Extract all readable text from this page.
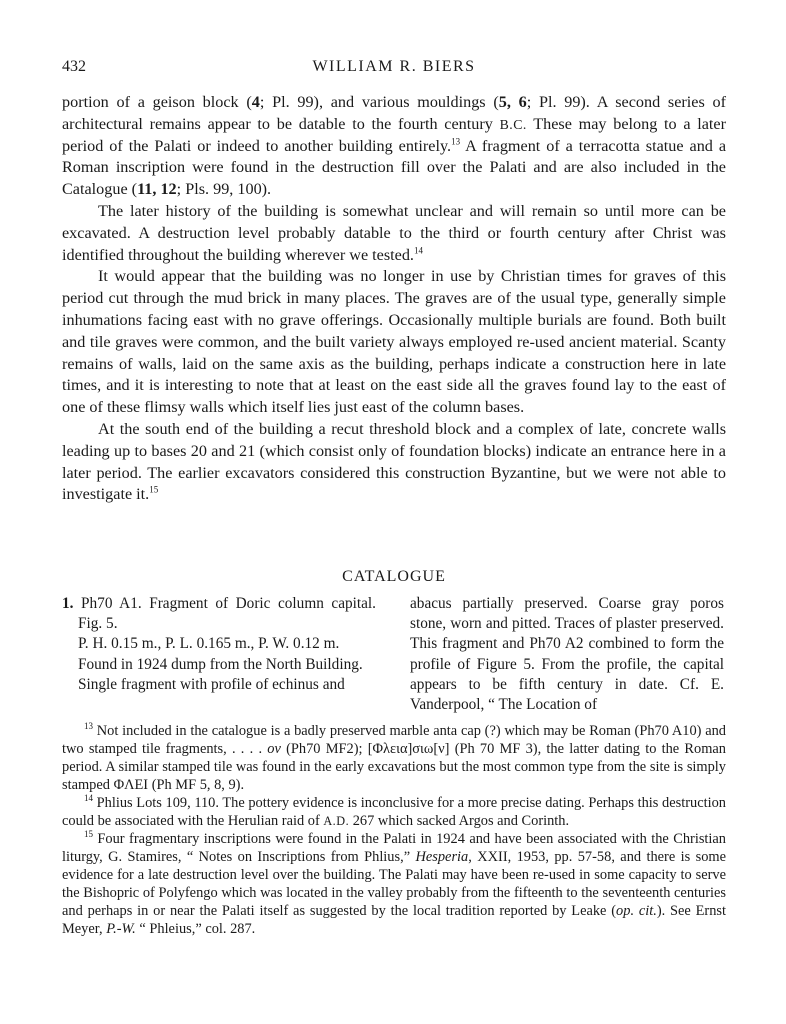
432	WILLIAM R. BIERS

portion of a geison block (4; Pl. 99), and various mouldings (5, 6; Pl. 99). A second series of architectural remains appear to be datable to the fourth century B.C. These may belong to a later period of the Palati or indeed to another building entirely.$^{13}$ A fragment of a terracotta statue and a Roman inscription were found in the destruction fill over the Palati and are also included in the Catalogue (11, 12; Pls. 99, 100).

The later history of the building is somewhat unclear and will remain so until more can be excavated. A destruction level probably datable to the third or fourth century after Christ was identified throughout the building wherever we tested.$^{14}$

It would appear that the building was no longer in use by Christian times for graves of this period cut through the mud brick in many places. The graves are of the usual type, generally simple inhumations facing east with no grave offerings. Occasionally multiple burials are found. Both built and tile graves were common, and the built variety always employed re-used ancient material. Scanty remains of walls, laid on the same axis as the building, perhaps indicate a construction here in late times, and it is interesting to note that at least on the east side all the graves found lay to the east of one of these flimsy walls which itself lies just east of the column bases.

At the south end of the building a recut threshold block and a complex of late, concrete walls leading up to bases 20 and 21 (which consist only of foundation blocks) indicate an entrance here in a later period. The earlier excavators considered this construction Byzantine, but we were not able to investigate it.$^{15}$

CATALOGUE

1. Ph70 A1. Fragment of Doric column capital. Fig. 5.

P. H. 0.15 m., P. L. 0.165 m., P. W. 0.12 m.

Found in 1924 dump from the North Building.

Single fragment with profile of echinus and

abacus partially preserved. Coarse gray poros stone, worn and pitted. Traces of plaster preserved. This fragment and Ph70 A2 combined to form the profile of Figure 5. From the profile, the capital appears to be fifth century in date. Cf. E. Vanderpool, “ The Location of

$^{13}$ Not included in the catalogue is a badly preserved marble anta cap (?) which may be Roman (Ph70 A10) and two stamped tile fragments, . . . . ον (Ph70 MF2); [Φλεια]σιω[ν] (Ph 70 MF 3), the latter dating to the Roman period. A similar stamped tile was found in the early excavations but the most common type from the site is simply stamped ΦΛΕΙ (Ph MF 5, 8, 9).

$^{14}$ Phlius Lots 109, 110. The pottery evidence is inconclusive for a more precise dating. Perhaps this destruction could be associated with the Herulian raid of A.D. 267 which sacked Argos and Corinth.

$^{15}$ Four fragmentary inscriptions were found in the Palati in 1924 and have been associated with the Christian liturgy, G. Stamires, “ Notes on Inscriptions from Phlius,” Hesperia, XXII, 1953, pp. 57-58, and there is some evidence for a late destruction level over the building. The Palati may have been re-used in some capacity to serve the Bishopric of Polyfengo which was located in the valley probably from the fifteenth to the seventeenth centuries and perhaps in or near the Palati itself as suggested by the local tradition reported by Leake (op. cit.). See Ernst Meyer, P.-W. “ Phleius,” col. 287.
